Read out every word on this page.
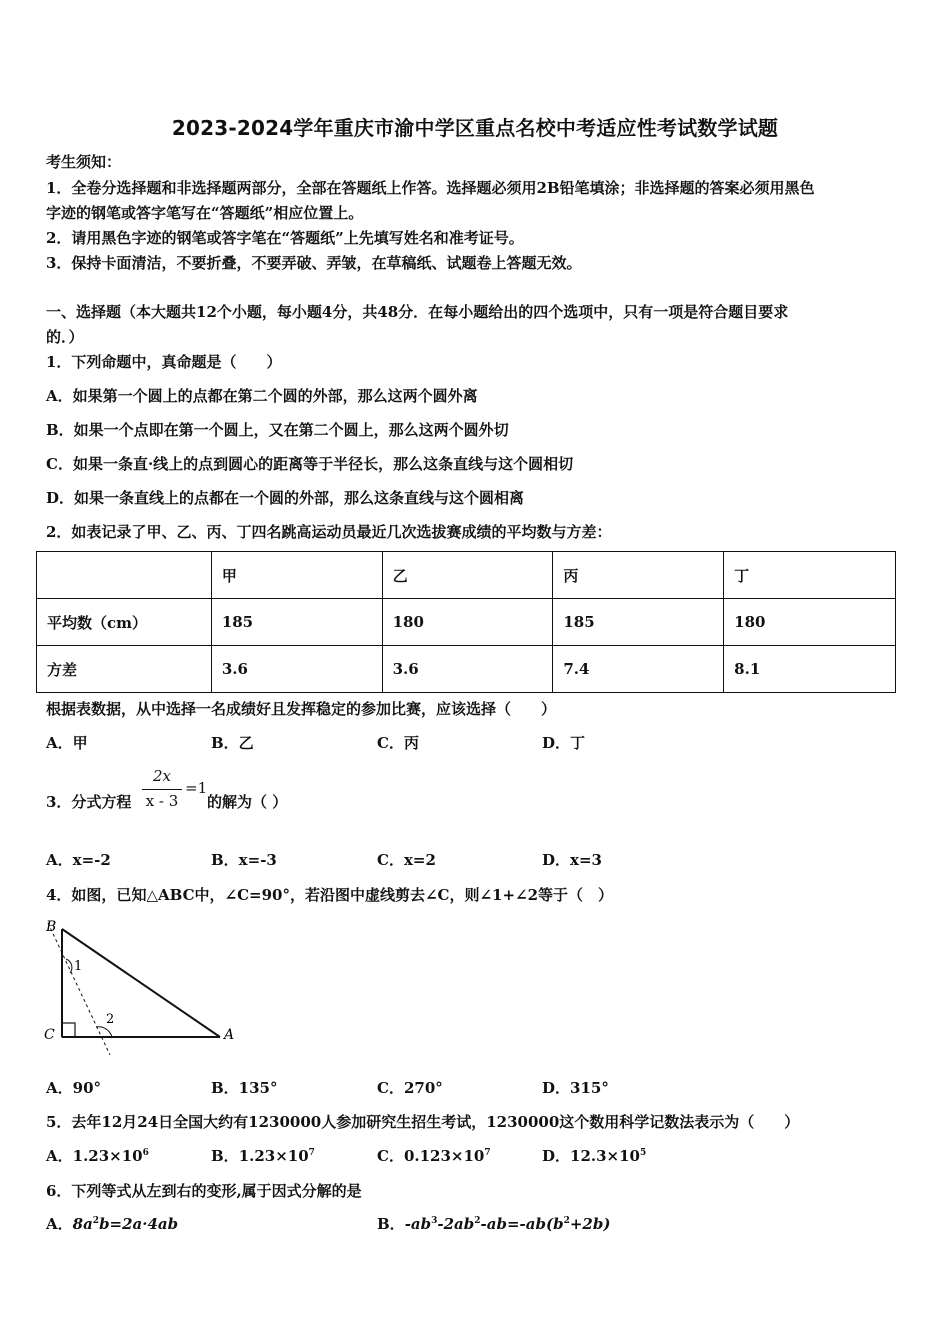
2023-2024学年重庆市渝中学区重点名校中考适应性考试数学试题
考生须知：
1．全卷分选择题和非选择题两部分，全部在答题纸上作答。选择题必须用2B铅笔填涂；非选择题的答案必须用黑色
字迹的钢笔或答字笔写在“答题纸”相应位置上。
2．请用黑色字迹的钢笔或答字笔在“答题纸”上先填写姓名和准考证号。
3．保持卡面清洁，不要折叠，不要弄破、弄皱，在草稿纸、试题卷上答题无效。
一、选择题（本大题共12个小题，每小题4分，共48分．在每小题给出的四个选项中，只有一项是符合题目要求
的．）
1．下列命题中，真命题是（　　）
A．如果第一个圆上的点都在第二个圆的外部，那么这两个圆外离
B．如果一个点即在第一个圆上，又在第二个圆上，那么这两个圆外切
C．如果一条直·线上的点到圆心的距离等于半径长，那么这条直线与这个圆相切
D．如果一条直线上的点都在一个圆的外部，那么这条直线与这个圆相离
2．如表记录了甲、乙、丙、丁四名跳高运动员最近几次选拔赛成绩的平均数与方差：
	甲	乙	丙	丁
平均数（cm）	185	180	185	180
方差	3.6	3.6	7.4	8.1
根据表数据，从中选择一名成绩好且发挥稳定的参加比赛，应该选择（　　）
A．甲	B．乙	C．丙	D．丁
3．分式方程
2x
x - 3
=1
的解为（ ）
A．x=-2	B．x=-3	C．x=2	D．x=3
4．如图，已知△ABC中，∠C=90°，若沿图中虚线剪去∠C，则∠1+∠2等于（　）
B
1
C
2
A
A．90°	B．135°	C．270°	D．315°
5．去年12月24日全国大约有1230000人参加研究生招生考试，1230000这个数用科学记数法表示为（　　）
A．$1.23\times 10^6$	B．$1.23\times 10^7$	C．$0.123\times 10^7$	D．$12.3\times 10^5$
6．下列等式从左到右的变形,属于因式分解的是
A．$8a^2b=2a\cdot 4ab$	B．$-ab^3-2ab^2-ab=-ab(b^2+2b)$
